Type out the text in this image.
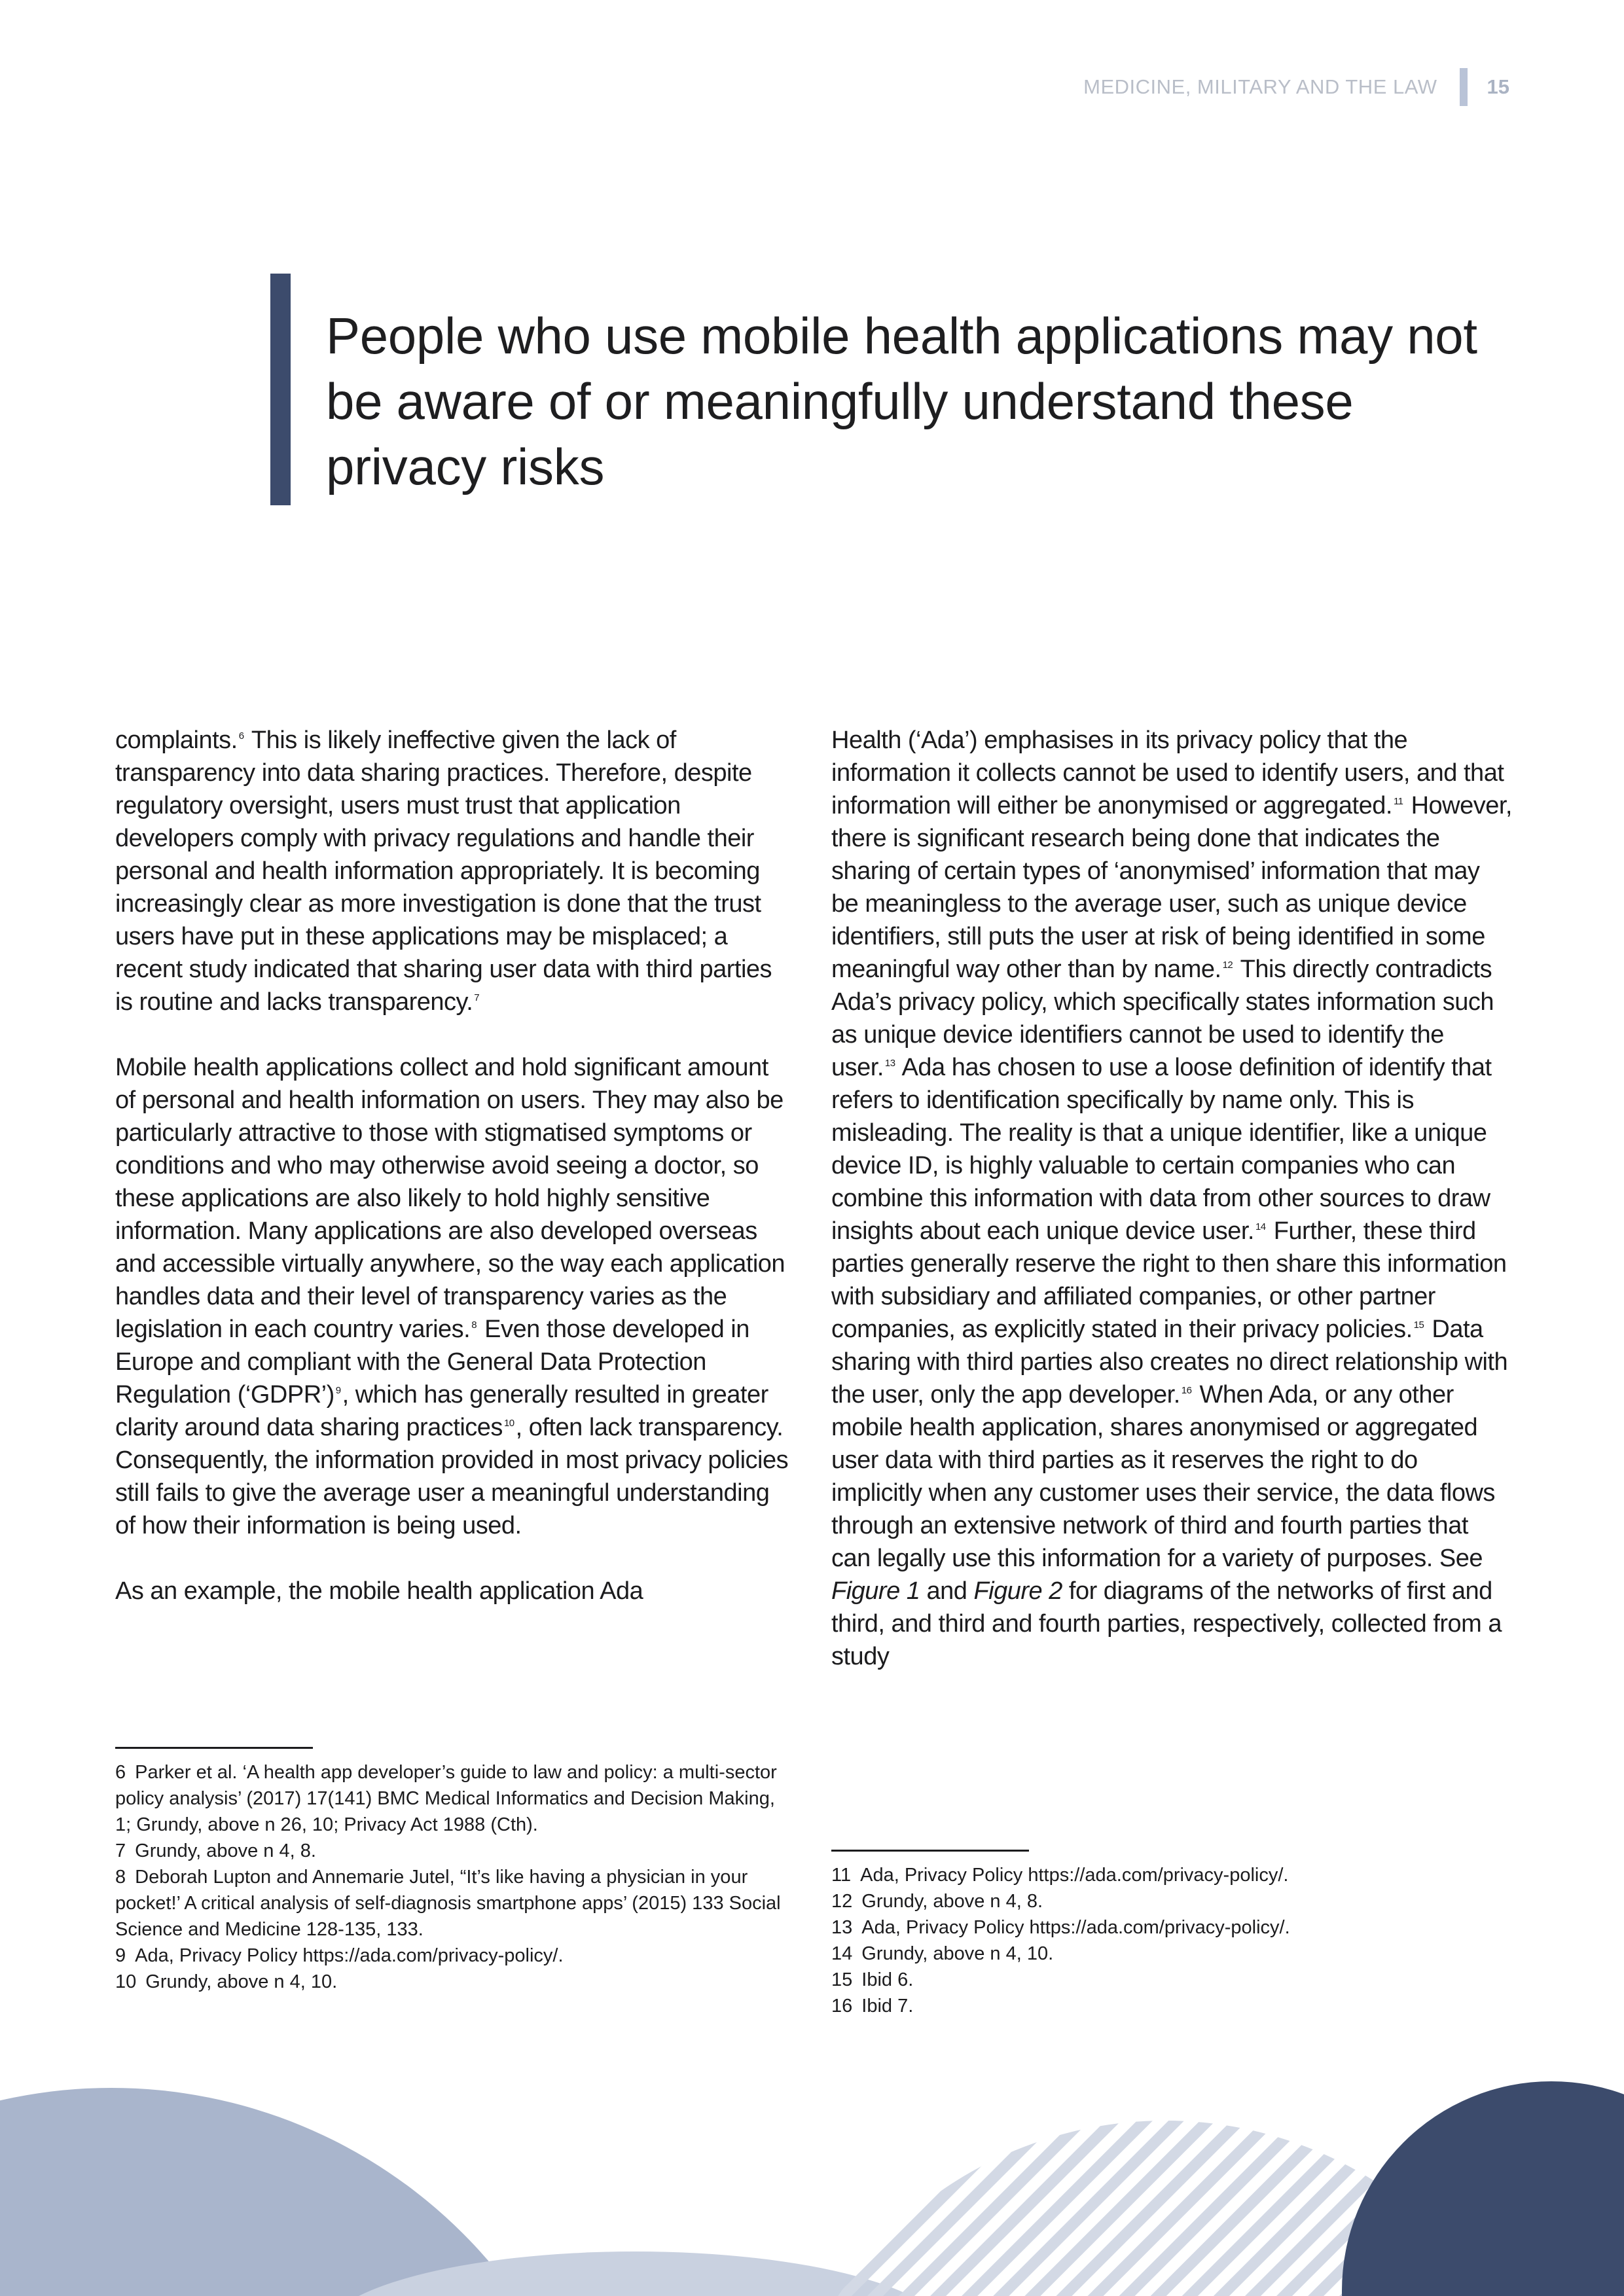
MEDICINE, MILITARY AND THE LAW 15
People who use mobile health applications may not be aware of or meaningfully understand these privacy risks

complaints. $^6$ This is likely ineffective given the lack of transparency into data sharing practices. Therefore, despite regulatory oversight, users must trust that application developers comply with privacy regulations and handle their personal and health information appropriately. It is becoming increasingly clear as more investigation is done that the trust users have put in these applications may be misplaced; a recent study indicated that sharing user data with third parties is routine and lacks transparency. $^7$

Mobile health applications collect and hold significant amount of personal and health information on users. They may also be particularly attractive to those with stigmatised symptoms or conditions and who may otherwise avoid seeing a doctor, so these applications are also likely to hold highly sensitive information. Many applications are also developed overseas and accessible virtually anywhere, so the way each application handles data and their level of transparency varies as the legislation in each country varies. $^8$ Even those developed in Europe and compliant with the General Data Protection Regulation (‘GDPR’) $^9$, which has generally resulted in greater clarity around data sharing practices $^{10}$, often lack transparency. Consequently, the information provided in most privacy policies still fails to give the average user a meaningful understanding of how their information is being used.

As an example, the mobile health application Ada

Health (‘Ada’) emphasises in its privacy policy that the information it collects cannot be used to identify users, and that information will either be anonymised or aggregated. $^{11}$ However, there is significant research being done that indicates the sharing of certain types of ‘anonymised’ information that may be meaningless to the average user, such as unique device identifiers, still puts the user at risk of being identified in some meaningful way other than by name. $^{12}$ This directly contradicts Ada’s privacy policy, which specifically states information such as unique device identifiers cannot be used to identify the user. $^{13}$ Ada has chosen to use a loose definition of identify that refers to identification specifically by name only. This is misleading. The reality is that a unique identifier, like a unique device ID, is highly valuable to certain companies who can combine this information with data from other sources to draw insights about each unique device user. $^{14}$ Further, these third parties generally reserve the right to then share this information with subsidiary and affiliated companies, or other partner companies, as explicitly stated in their privacy policies. $^{15}$ Data sharing with third parties also creates no direct relationship with the user, only the app developer. $^{16}$ When Ada, or any other mobile health application, shares anonymised or aggregated user data with third parties as it reserves the right to do implicitly when any customer uses their service, the data flows through an extensive network of third and fourth parties that can legally use this information for a variety of purposes. See Figure 1 and Figure 2 for diagrams of the networks of first and third, and third and fourth parties, respectively, collected from a study

6 Parker et al. ‘A health app developer’s guide to law and policy: a multi-sector policy analysis’ (2017) 17(141) BMC Medical Informatics and Decision Making, 1; Grundy, above n 26, 10; Privacy Act 1988 (Cth).

7 Grundy, above n 4, 8.

8 Deborah Lupton and Annemarie Jutel, “It’s like having a physician in your pocket!’ A critical analysis of self-diagnosis smartphone apps’ (2015) 133 Social Science and Medicine 128-135, 133.

9 Ada, Privacy Policy https://ada.com/privacy-policy/.

10 Grundy, above n 4, 10.

11 Ada, Privacy Policy https://ada.com/privacy-policy/.

12 Grundy, above n 4, 8.

13 Ada, Privacy Policy https://ada.com/privacy-policy/.

14 Grundy, above n 4, 10.

15 Ibid 6.

16 Ibid 7.
